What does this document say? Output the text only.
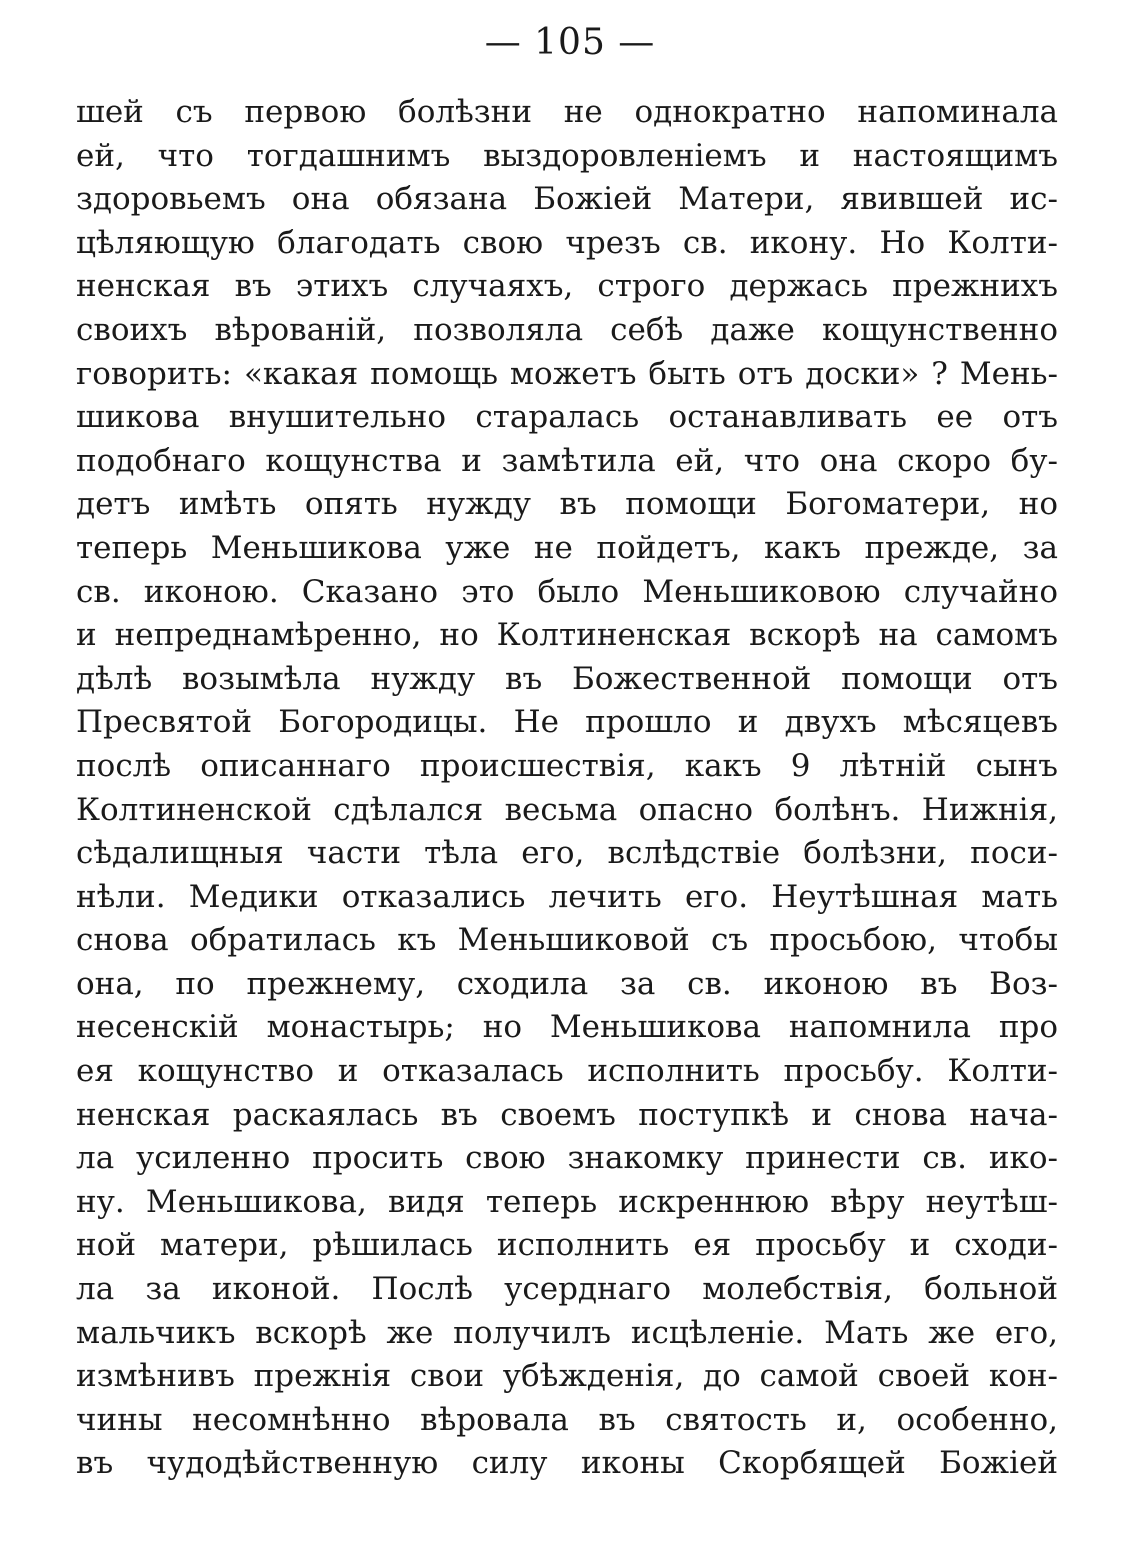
— 105 —
шей съ первою болѣзни не однократно напоминала
ей, что тогдашнимъ выздоровленіемъ и настоящимъ
здоровьемъ она обязана Божіей Матери, явившей ис-
цѣляющую благодать свою чрезъ св. икону. Но Колти-
ненская въ этихъ случаяхъ, строго держась прежнихъ
своихъ вѣрованій, позволяла себѣ даже кощунственно
говорить: «какая помощь можетъ быть отъ доски» ? Мень-
шикова внушительно старалась останавливать ее отъ
подобнаго кощунства и замѣтила ей, что она скоро бу-
детъ имѣть опять нужду въ помощи Богоматери, но
теперь Меньшикова уже не пойдетъ, какъ прежде, за
св. иконою. Сказано это было Меньшиковою случайно
и непреднамѣренно, но Колтиненская вскорѣ на самомъ
дѣлѣ возымѣла нужду въ Божественной помощи отъ
Пресвятой Богородицы. Не прошло и двухъ мѣсяцевъ
послѣ описаннаго происшествія, какъ 9 лѣтній сынъ
Колтиненской сдѣлался весьма опасно болѣнъ. Нижнія,
сѣдалищныя части тѣла его, вслѣдствіе болѣзни, поси-
нѣли. Медики отказались лечить его. Неутѣшная мать
снова обратилась къ Меньшиковой съ просьбою, чтобы
она, по прежнему, сходила за св. иконою въ Воз-
несенскій монастырь; но Меньшикова напомнила про
ея кощунство и отказалась исполнить просьбу. Колти-
ненская раскаялась въ своемъ поступкѣ и снова нача-
ла усиленно просить свою знакомку принести св. ико-
ну. Меньшикова, видя теперь искреннюю вѣру неутѣш-
ной матери, рѣшилась исполнить ея просьбу и сходи-
ла за иконой. Послѣ усерднаго молебствія, больной
мальчикъ вскорѣ же получилъ исцѣленіе. Мать же его,
измѣнивъ прежнія свои убѣжденія, до самой своей кон-
чины несомнѣнно вѣровала въ святость и, особенно,
въ чудодѣйственную силу иконы Скорбящей Божіей
